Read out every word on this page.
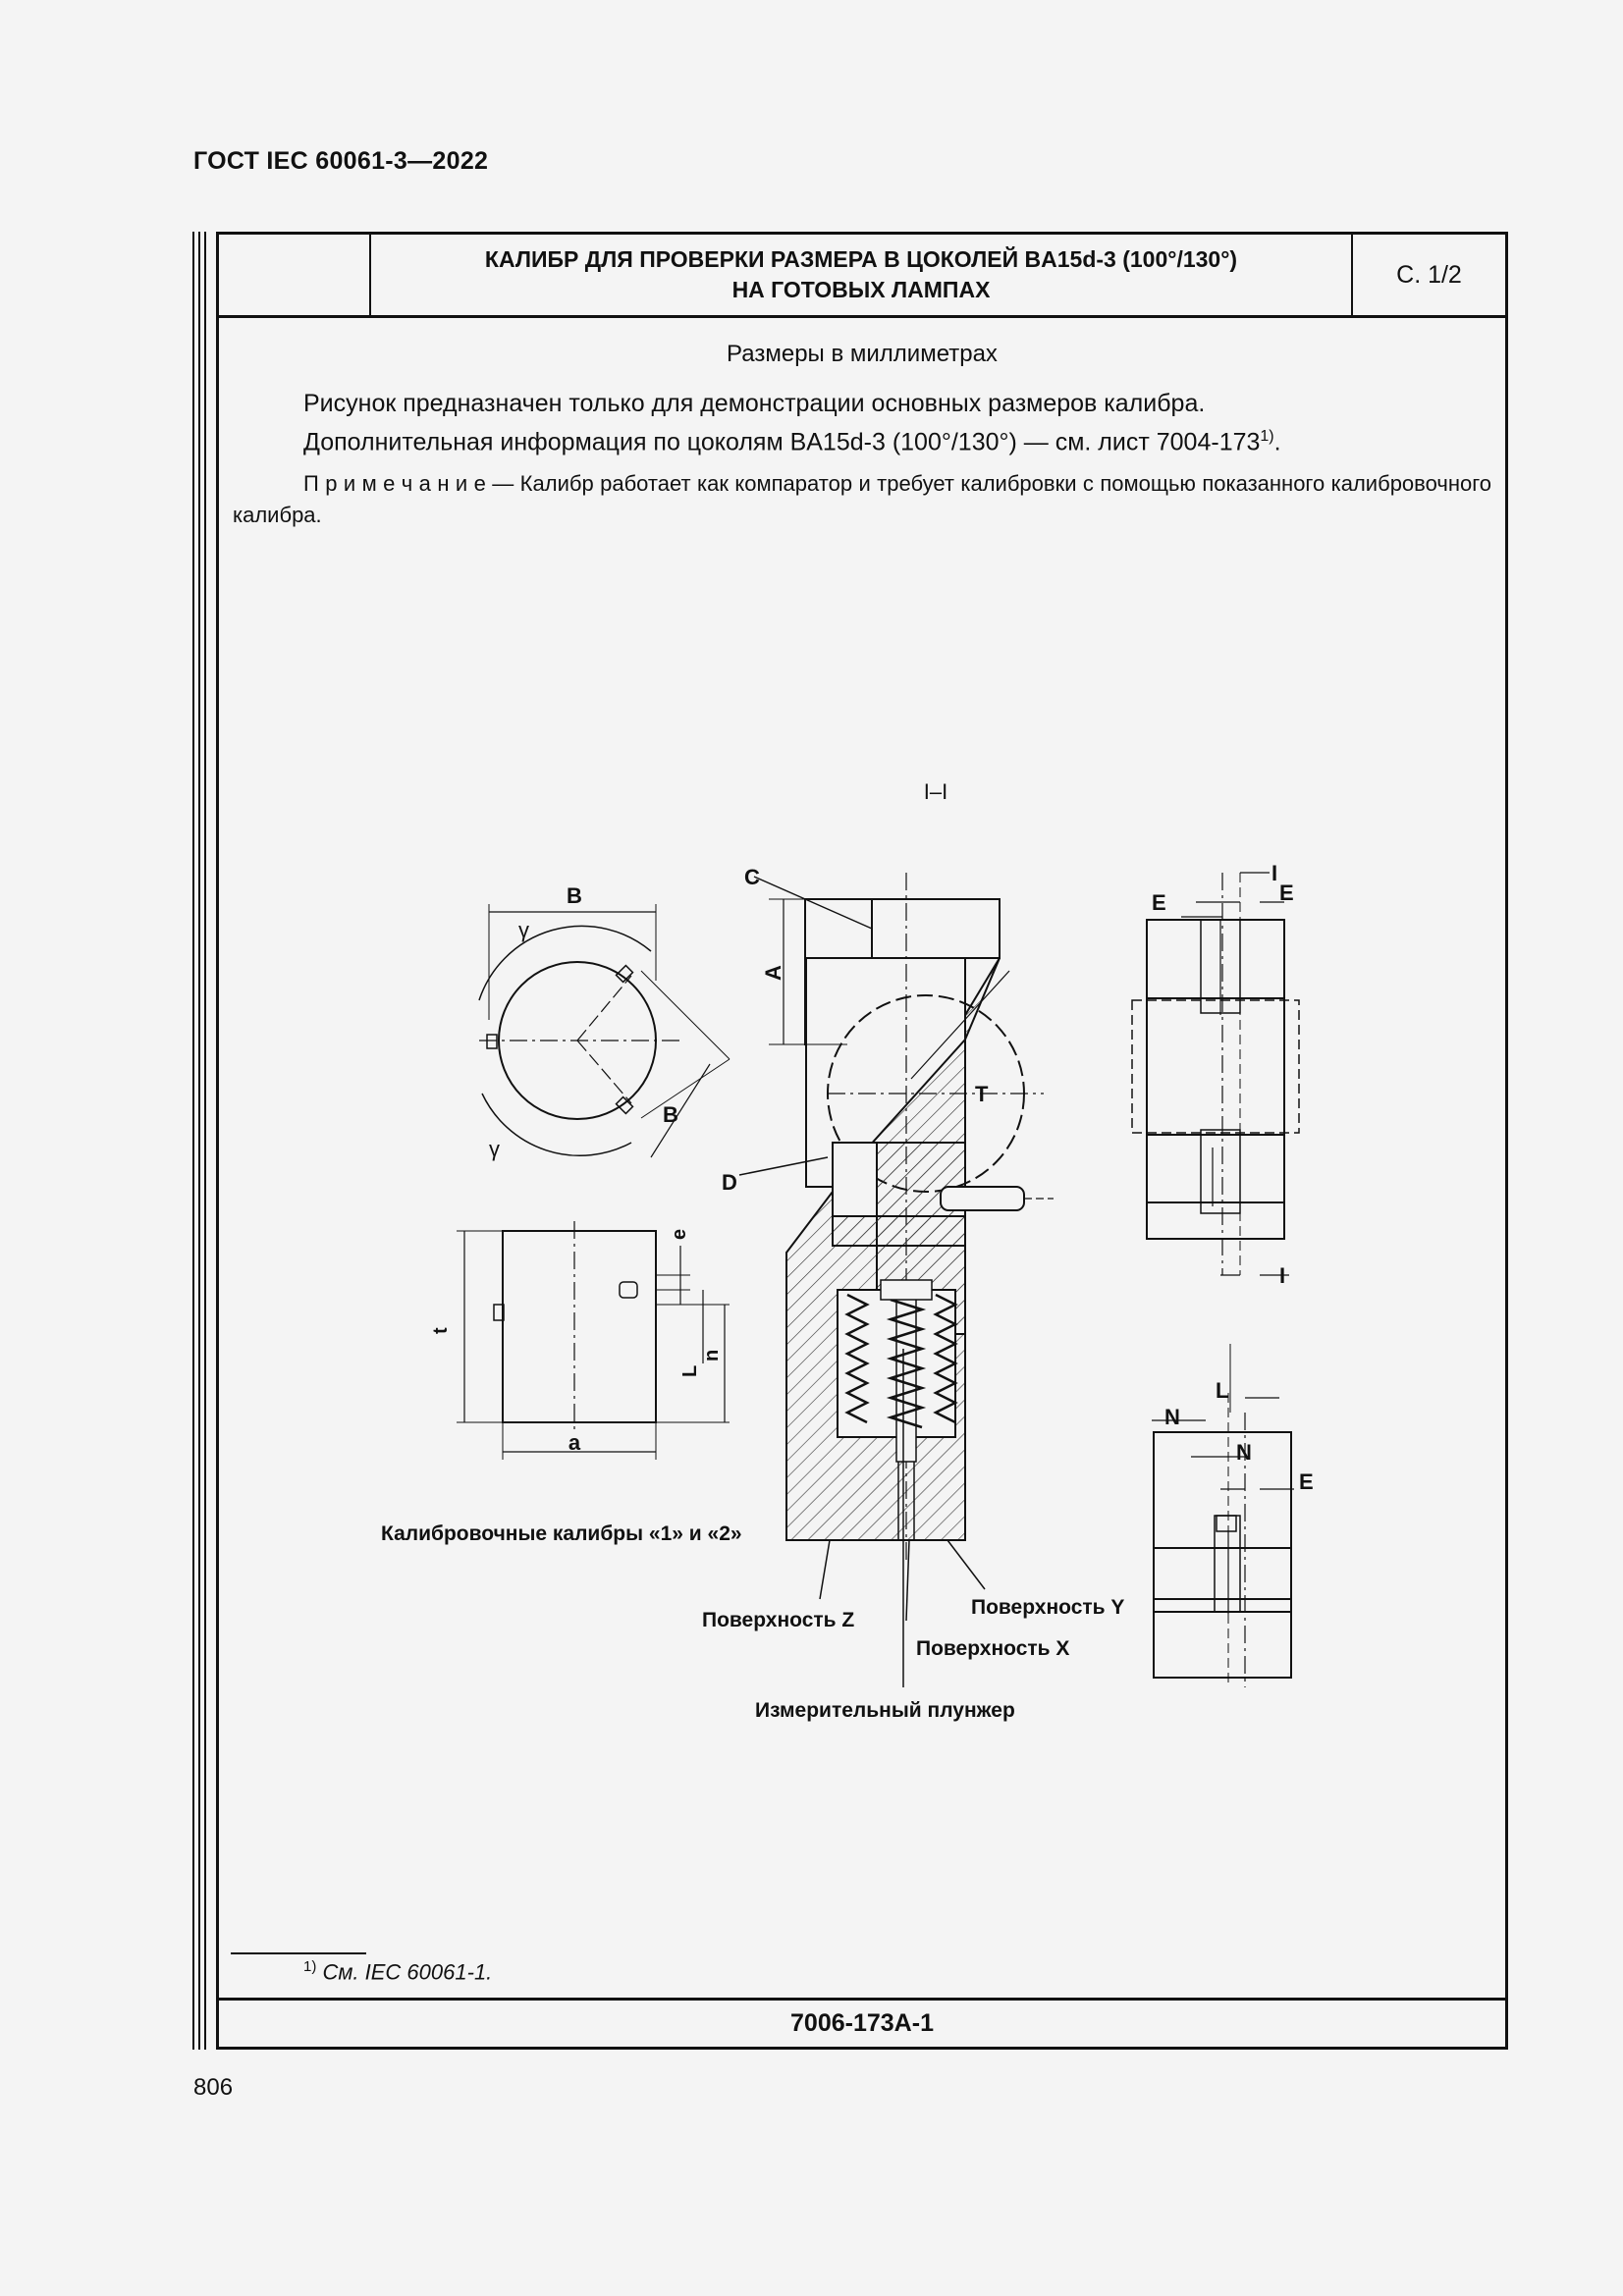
ГОСТ IEC 60061-3—2022
КАЛИБР ДЛЯ ПРОВЕРКИ РАЗМЕРА B ЦОКОЛЕЙ BA15d-3 (100°/130°)
НА ГОТОВЫХ ЛАМПАХ
С. 1/2
Размеры в миллиметрах
Рисунок предназначен только для демонстрации основных размеров калибра.
Дополнительная информация по цоколям BA15d-3 (100°/130°) — см. лист 7004-173$^{1)}$.
П р и м е ч а н и е — Калибр работает как компаратор и требует калибровки с помощью показанного калибровочного калибра.
I–I
B
γ
B
γ
e
t
L
n
a
Калибровочные калибры «1» и «2»
C
A
T
D
Поверхность Z
Поверхность Y
Поверхность X
Измерительный плунжер
I
E	E
I
L
N
N
E
$^{1)}$ См. IEC 60061-1.
7006-173A-1
806
